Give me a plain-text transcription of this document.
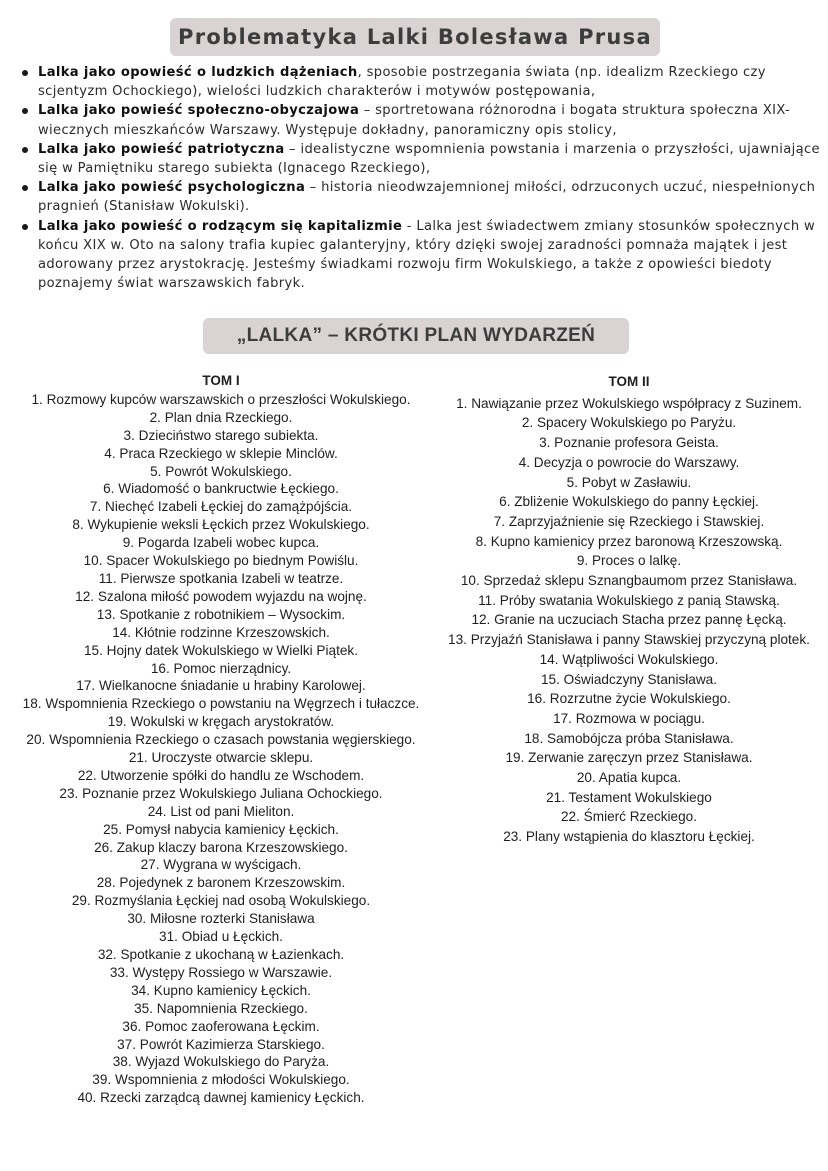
Problematyka Lalki Bolesława Prusa
Lalka jako opowieść o ludzkich dążeniach, sposobie postrzegania świata (np. idealizm Rzeckiego czy scjentyzm Ochockiego), wielości ludzkich charakterów i motywów postępowania,
Lalka jako powieść społeczno-obyczajowa – sportretowana różnorodna i bogata struktura społeczna XIX-wiecznych mieszkańców Warszawy. Występuje dokładny, panoramiczny opis stolicy,
Lalka jako powieść patriotyczna – idealistyczne wspomnienia powstania i marzenia o przyszłości, ujawniające się w Pamiętniku starego subiekta (Ignacego Rzeckiego),
Lalka jako powieść psychologiczna – historia nieodwzajemnionej miłości, odrzuconych uczuć, niespełnionych pragnień (Stanisław Wokulski).
Lalka jako powieść o rodzącym się kapitalizmie - Lalka jest świadectwem zmiany stosunków społecznych w końcu XIX w. Oto na salony trafia kupiec galanteryjny, który dzięki swojej zaradności pomnaża majątek i jest adorowany przez arystokrację. Jesteśmy świadkami rozwoju firm Wokulskiego, a także z opowieści biedoty poznajemy świat warszawskich fabryk.
„LALKA” – KRÓTKI PLAN WYDARZEŃ
TOM I
1. Rozmowy kupców warszawskich o przeszłości Wokulskiego.
2. Plan dnia Rzeckiego.
3. Dzieciństwo starego subiekta.
4. Praca Rzeckiego w sklepie Minclów.
5. Powrót Wokulskiego.
6. Wiadomość o bankructwie Łęckiego.
7. Niechęć Izabeli Łęckiej do zamążpójścia.
8. Wykupienie weksli Łęckich przez Wokulskiego.
9. Pogarda Izabeli wobec kupca.
10. Spacer Wokulskiego po biednym Powiślu.
11. Pierwsze spotkania Izabeli w teatrze.
12. Szalona miłość powodem wyjazdu na wojnę.
13. Spotkanie z robotnikiem – Wysockim.
14. Kłótnie rodzinne Krzeszowskich.
15. Hojny datek Wokulskiego w Wielki Piątek.
16. Pomoc nierządnicy.
17. Wielkanocne śniadanie u hrabiny Karolowej.
18. Wspomnienia Rzeckiego o powstaniu na Węgrzech i tułaczce.
19. Wokulski w kręgach arystokratów.
20. Wspomnienia Rzeckiego o czasach powstania węgierskiego.
21. Uroczyste otwarcie sklepu.
22. Utworzenie spółki do handlu ze Wschodem.
23. Poznanie przez Wokulskiego Juliana Ochockiego.
24. List od pani Mieliton.
25. Pomysł nabycia kamienicy Łęckich.
26. Zakup klaczy barona Krzeszowskiego.
27. Wygrana w wyścigach.
28. Pojedynek z baronem Krzeszowskim.
29. Rozmyślania Łęckiej nad osobą Wokulskiego.
30. Miłosne rozterki Stanisława
31. Obiad u Łęckich.
32. Spotkanie z ukochaną w Łazienkach.
33. Występy Rossiego w Warszawie.
34. Kupno kamienicy Łęckich.
35. Napomnienia Rzeckiego.
36. Pomoc zaoferowana Łęckim.
37. Powrót Kazimierza Starskiego.
38. Wyjazd Wokulskiego do Paryża.
39. Wspomnienia z młodości Wokulskiego.
40. Rzecki zarządcą dawnej kamienicy Łęckich.
TOM II
1. Nawiązanie przez Wokulskiego współpracy z Suzinem.
2. Spacery Wokulskiego po Paryżu.
3. Poznanie profesora Geista.
4. Decyzja o powrocie do Warszawy.
5. Pobyt w Zasławiu.
6. Zbliżenie Wokulskiego do panny Łęckiej.
7. Zaprzyjaźnienie się Rzeckiego i Stawskiej.
8. Kupno kamienicy przez baronową Krzeszowską.
9. Proces o lalkę.
10. Sprzedaż sklepu Sznangbaumom przez Stanisława.
11. Próby swatania Wokulskiego z panią Stawską.
12. Granie na uczuciach Stacha przez pannę Łęcką.
13. Przyjaźń Stanisława i panny Stawskiej przyczyną plotek.
14. Wątpliwości Wokulskiego.
15. Oświadczyny Stanisława.
16. Rozrzutne życie Wokulskiego.
17. Rozmowa w pociągu.
18. Samobójcza próba Stanisława.
19. Zerwanie zaręczyn przez Stanisława.
20. Apatia kupca.
21. Testament Wokulskiego
22. Śmierć Rzeckiego.
23. Plany wstąpienia do klasztoru Łęckiej.
